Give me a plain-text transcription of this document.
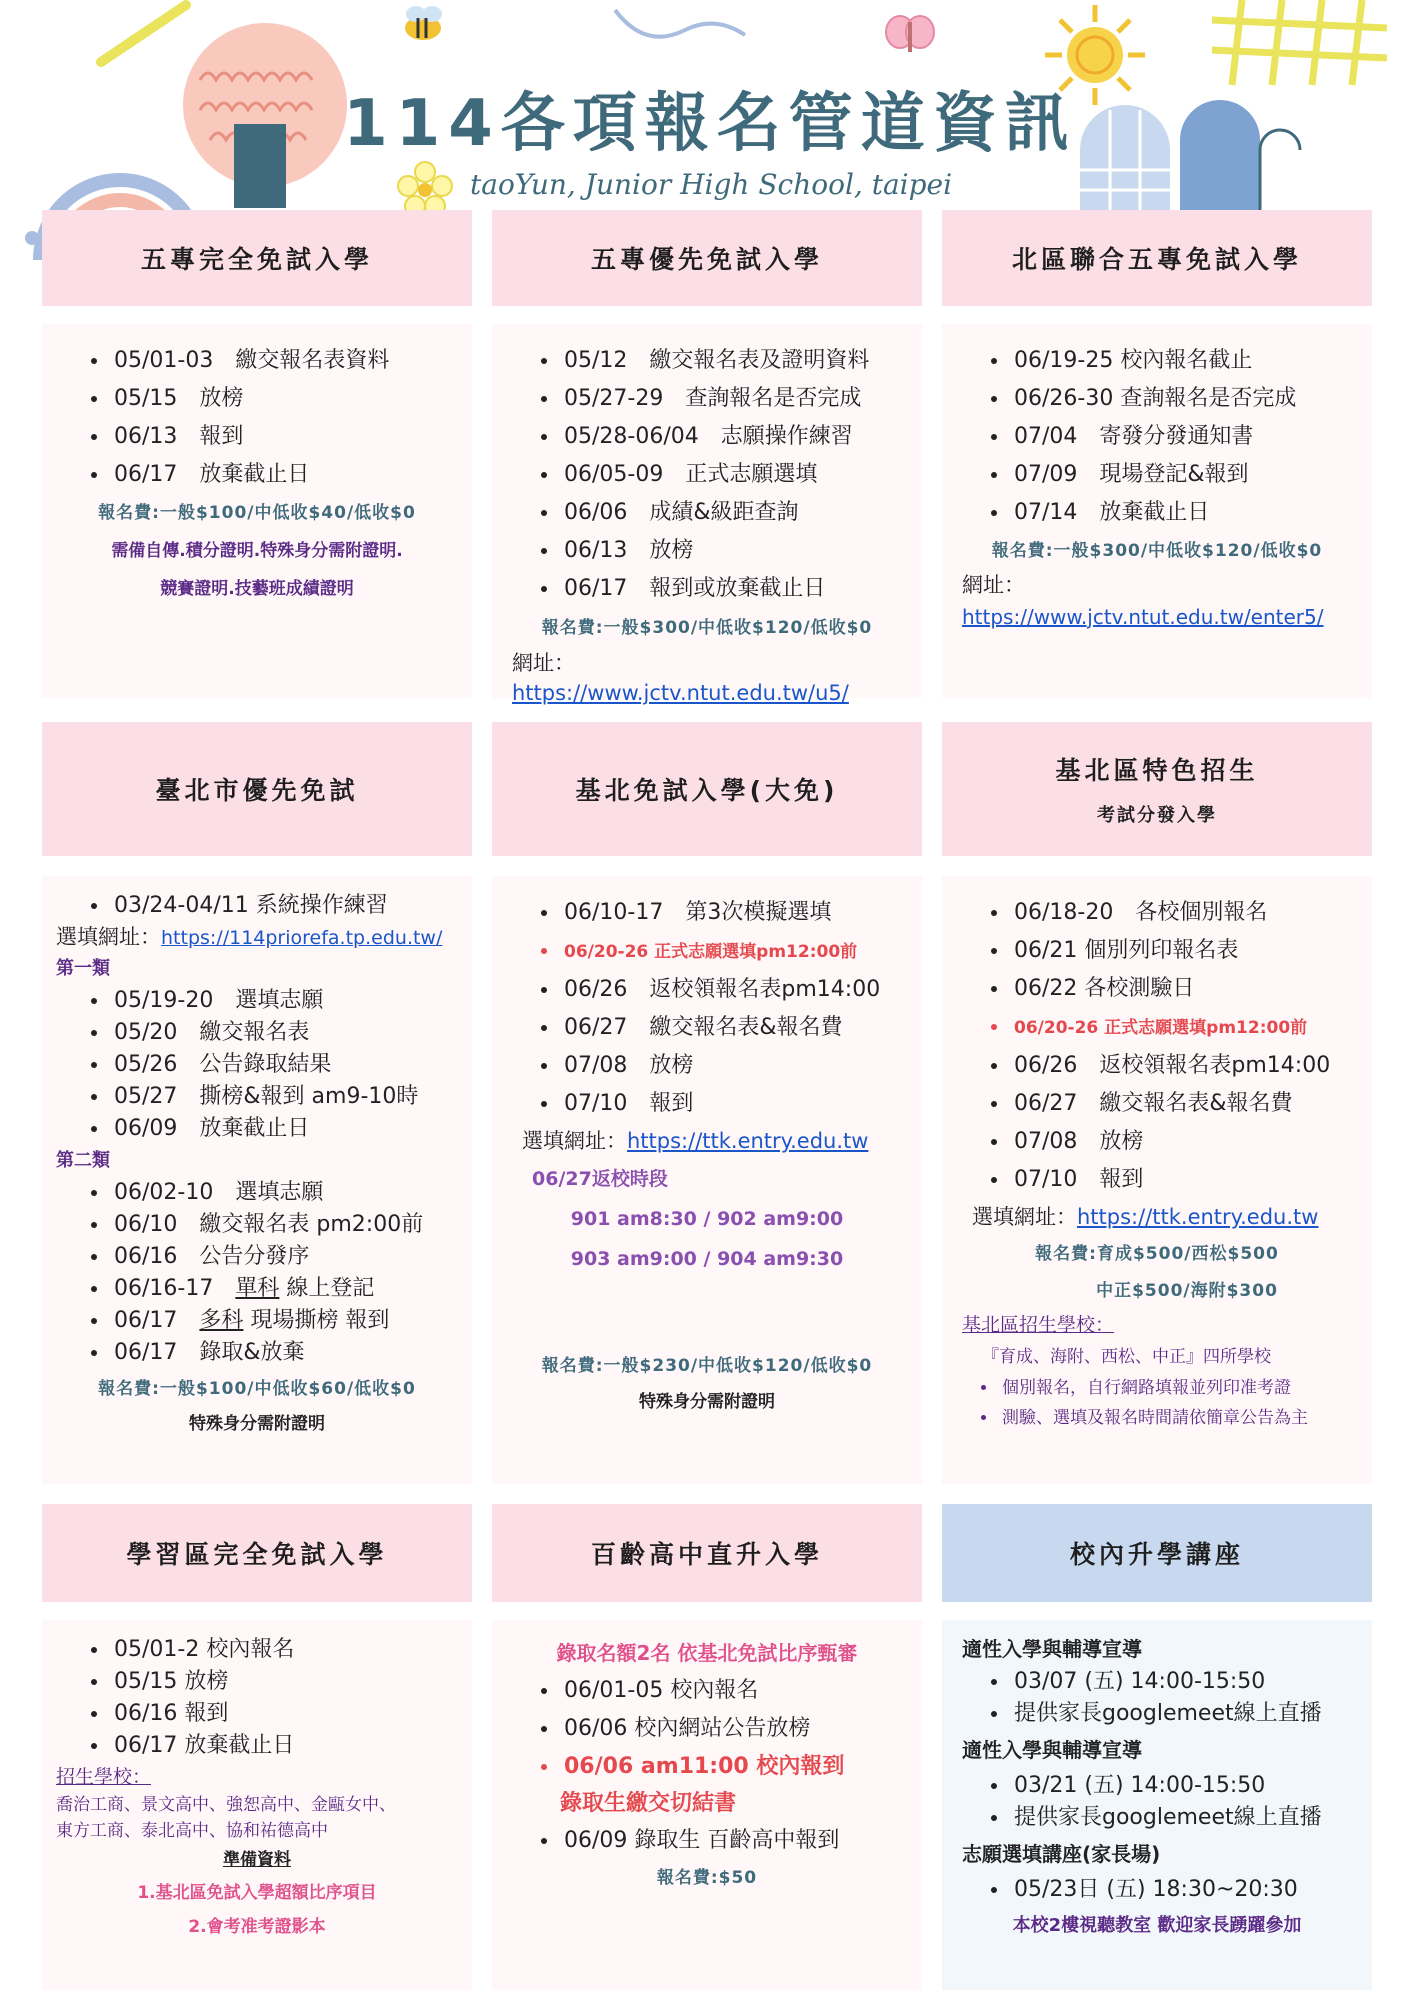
114各項報名管道資訊
taoYun, Junior High School, taipei
五專完全免試入學
• 05/01-03　繳交報名表資料
• 05/15　放榜
• 06/13　報到
• 06/17　放棄截止日
報名費:一般$100/中低收$40/低收$0
需備自傳.積分證明.特殊身分需附證明.
競賽證明.技藝班成績證明
五專優先免試入學
• 05/12　繳交報名表及證明資料
• 05/27-29　查詢報名是否完成
• 05/28-06/04　志願操作練習
• 06/05-09　正式志願選填
• 06/06　成績&級距查詢
• 06/13　放榜
• 06/17　報到或放棄截止日
報名費:一般$300/中低收$120/低收$0
網址：https://www.jctv.ntut.edu.tw/u5/
北區聯合五專免試入學
• 06/19-25 校內報名截止
• 06/26-30 查詢報名是否完成
• 07/04　寄發分發通知書
• 07/09　現場登記&報到
• 07/14　放棄截止日
報名費:一般$300/中低收$120/低收$0
網址：
https://www.jctv.ntut.edu.tw/enter5/
臺北市優先免試
• 03/24-04/11 系統操作練習
選填網址：https://114priorefa.tp.edu.tw/
第一類
• 05/19-20　選填志願
• 05/20　繳交報名表
• 05/26　公告錄取結果
• 05/27　撕榜&報到 am9-10時
• 06/09　放棄截止日
第二類
• 06/02-10　選填志願
• 06/10　繳交報名表 pm2:00前
• 06/16　公告分發序
• 06/16-17　 單科 線上登記
• 06/17　 多科 現場撕榜 報到
• 06/17　錄取&放棄
報名費:一般$100/中低收$60/低收$0
特殊身分需附證明
基北免試入學(大免)
• 06/10-17　第3次模擬選填
• 06/20-26 正式志願選填pm12:00前
• 06/26　返校領報名表pm14:00
• 06/27　繳交報名表&報名費
• 07/08　放榜
• 07/10　報到
選填網址：https://ttk.entry.edu.tw
06/27返校時段
901 am8:30 / 902 am9:00
903 am9:00 / 904 am9:30
報名費:一般$230/中低收$120/低收$0
特殊身分需附證明
基北區特色招生
考試分發入學
• 06/18-20　各校個別報名
• 06/21 個別列印報名表
• 06/22 各校測驗日
• 06/20-26 正式志願選填pm12:00前
• 06/26　返校領報名表pm14:00
• 06/27　繳交報名表&報名費
• 07/08　放榜
• 07/10　報到
選填網址：https://ttk.entry.edu.tw
報名費:育成$500/西松$500
中正$500/海附$300
基北區招生學校：
『育成、海附、西松、中正』四所學校
• 個別報名，自行網路填報並列印准考證
• 測驗、選填及報名時間請依簡章公告為主
學習區完全免試入學
• 05/01-2 校內報名
• 05/15 放榜
• 06/16 報到
• 06/17 放棄截止日
招生學校：
喬治工商、景文高中、強恕高中、金甌女中、
東方工商、泰北高中、協和祐德高中
準備資料
1.基北區免試入學超額比序項目
2.會考准考證影本
百齡高中直升入學
錄取名額2名 依基北免試比序甄審
• 06/01-05 校內報名
• 06/06 校內網站公告放榜
• 06/06 am11:00 校內報到
錄取生繳交切結書
• 06/09 錄取生 百齡高中報到
報名費:$50
校內升學講座
適性入學與輔導宣導
• 03/07 (五) 14:00-15:50
• 提供家長googlemeet線上直播
適性入學與輔導宣導
• 03/21 (五) 14:00-15:50
• 提供家長googlemeet線上直播
志願選填講座(家長場)
• 05/23日 (五) 18:30~20:30
本校2樓視聽教室 歡迎家長踴躍參加
